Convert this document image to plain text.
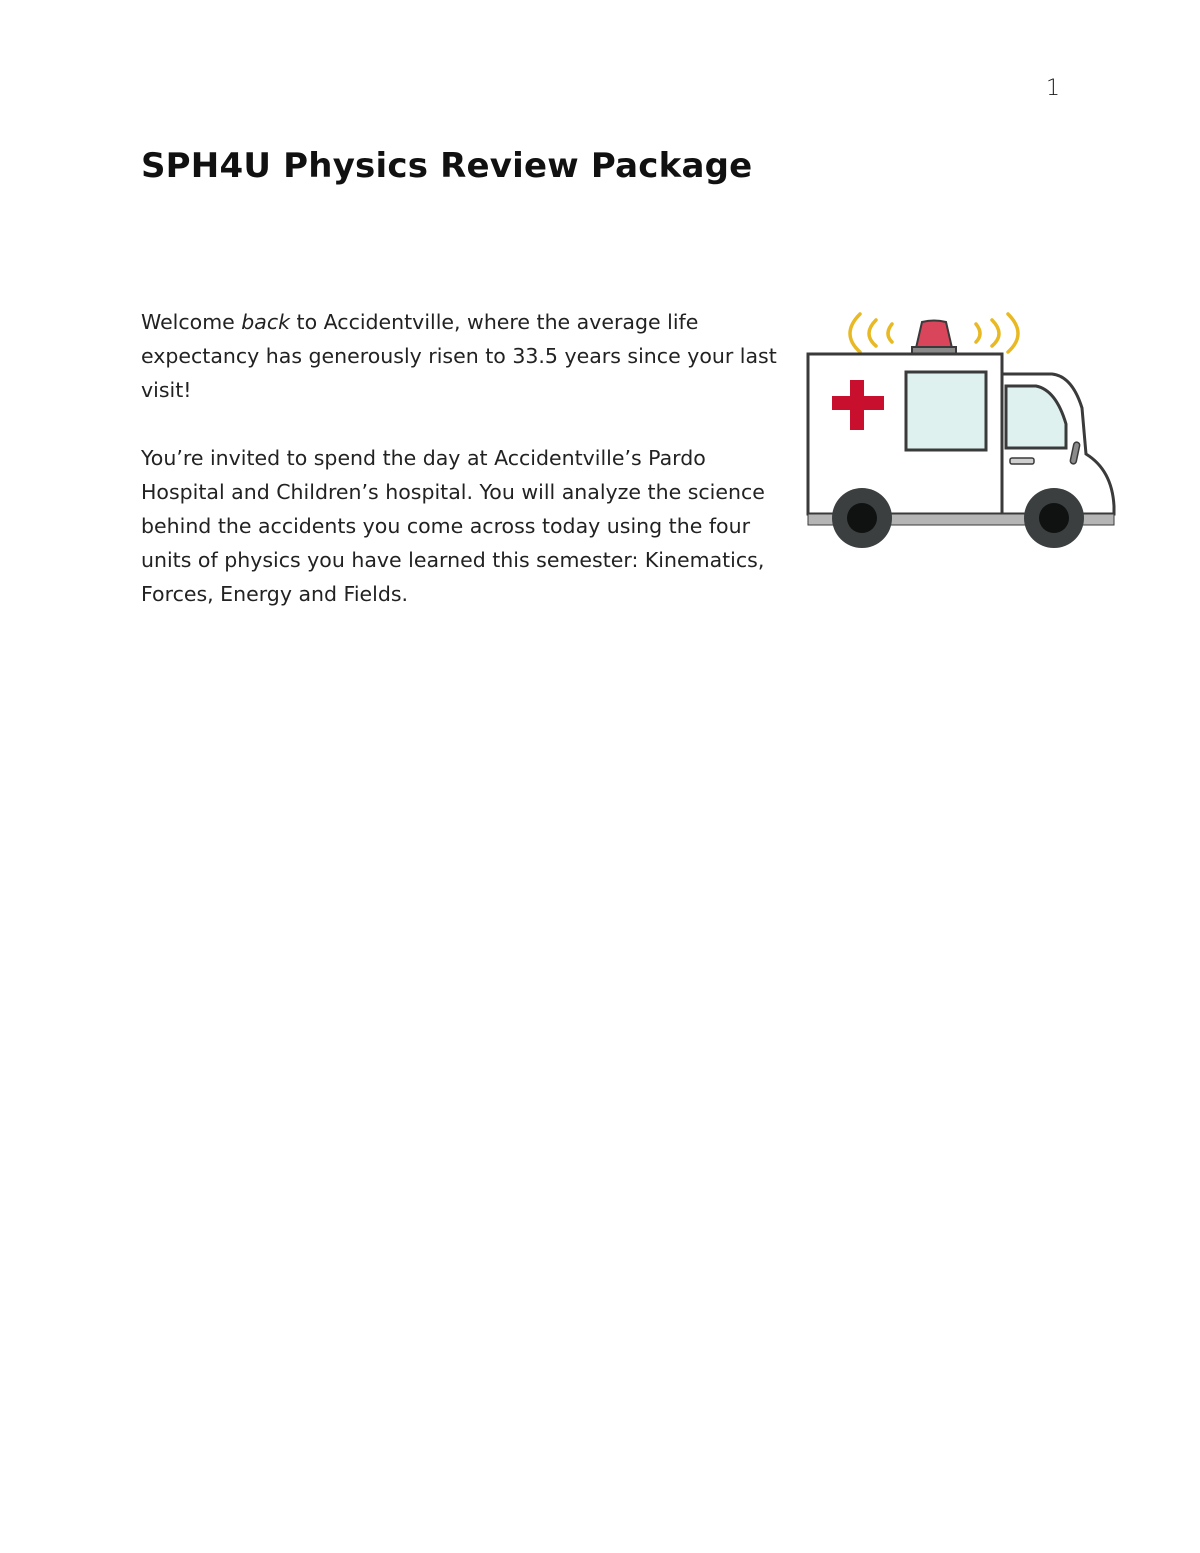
1
SPH4U Physics Review Package

Welcome back to Accidentville, where the average life expectancy has generously risen to 33.5 years since your last visit!

You’re invited to spend the day at Accidentville’s Pardo Hospital and Children’s hospital. You will analyze the science behind the accidents you come across today using the four units of physics you have learned this semester: Kinematics, Forces, Energy and Fields.
